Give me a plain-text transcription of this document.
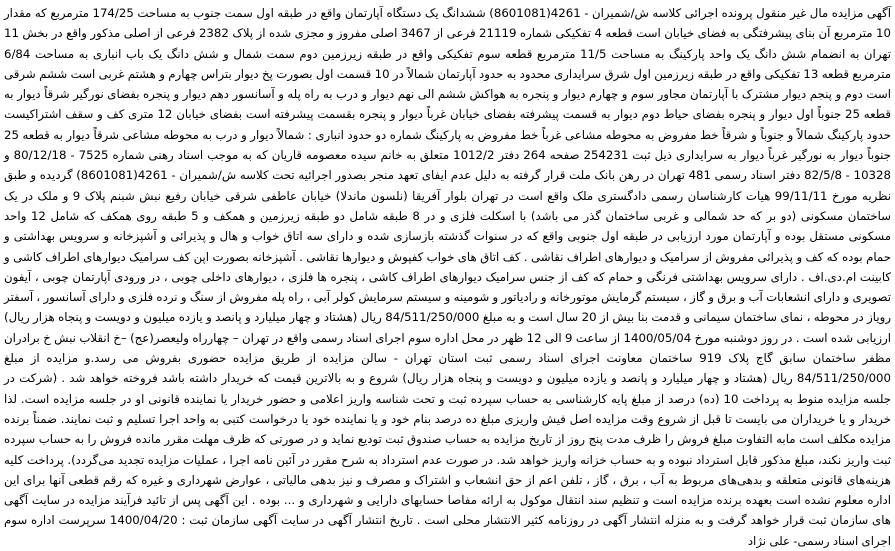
آگهی مزایده مال غیر منقول پرونده اجرائی کلاسه ش/شمیران - 4261(8601081) ششدانگ یک دستگاه آپارتمان واقع در طبقه اول سمت جنوب به مساحت 174/25 مترمربع که مقدار 10 مترمربع آن بنای پیشرفتگی به فضای خیابان است قطعه 4 تفکیکی شماره 21119 فرعی از 3467 اصلی مفروز و مجزی شده از پلاک 2382 فرعی از اصلی مذکور واقع در بخش 11 تهران به انضمام شش دانگ یک واحد پارکینگ به مساحت 11/5 مترمربع قطعه سوم تفکیکی واقع در طبقه زیرزمین دوم سمت شمال و شش دانگ یک باب انباری به مساحت 6/84 مترمربع قطعه 13 تفکیکی واقع در طبقه زیرزمین اول شرق سرایداری محدود به حدود آپارتمان شمالاً در 10 قسمت اول بصورت پخ دیوار بتراس چهارم و هشتم غربی است ششم شرقی است دوم و پنجم دیوار مشترک با آپارتمان مجاور سوم و چهارم دیوار و پنجره به هواکش ششم الی نهم دیوار و درب به راه پله و آسانسور دهم دیوار و پنجره بفضای نورگیر شرقاً دیوار به قطعه 25 جنوباً اول دیوار و پنجره بفضای حیاط دوم دیوار به قسمت پیشرفته بفضای خیابان غرباً دیوار و پنجره بقسمت پیشرفته است بفضای خیابان 12 متری کف و سقف اشتراکیست حدود پارکینگ شمالاً و جنوباً و شرقاً خط مفروض به محوطه مشاعی غرباً خط مفروض به پارکینگ شماره دو حدود انباری : شمالاً دیوار و درب به محوطه مشاعی شرقاً دیوار به قطعه 25 جنوباً دیوار به نورگیر غرباً دیوار به سرایداری ذیل ثبت 254231 صفحه 264 دفتر 1012/2 متعلق به خانم سیده معصومه قاریان که به موجب اسناد رهنی شماره 7525 - 80/12/18 و 10328 - 82/5/8 دفتر اسناد رسمی 481 تهران در رهن بانک ملت قرار گرفته به دلیل عدم ایفای تعهد منجر بصدور اجرائیه تحت کلاسه ش/شمیران - 4261(8601081) گردیده و طبق نظریه مورخ 99/11/11 هیات کارشناسان رسمی دادگستری ملک واقع است در تهران بلوار آفریقا (نلسون ماندلا) خیابان عاطفی شرقی خیابان رفیع نبش شبنم پلاک 9 و ملک در یک ساختمان مسکونی (دو بر که حد شمالی و غربی ساختمان گذر می باشد) با اسکلت فلزی و در 8 طبقه شامل دو طبقه زیرزمین و همکف و 5 طبقه روی همکف که شامل 12 واحد مسکونی مستقل بوده و آپارتمان مورد ارزیابی در طبقه اول جنوبی واقع که در سنوات گذشته بازسازی شده و دارای سه اتاق خواب و هال و پذیرائی و آشپزخانه و سرویس بهداشتی و حمام بوده که کف و پذیرائی مفروش از سرامیک و دیوارهای اطراف نقاشی . کف اتاق های خواب کفپوش و دیوارها نقاشی . آشپزخانه بصورت اپن کف سرامیک دیوارهای اطراف کاشی و کابینت ام.دی.اف . دارای سرویس بهداشتی فرنگی و حمام که کف از جنس سرامیک دیوارهای اطراف کاشی ، پنجره ها فلزی ، دیوارهای داخلی چوبی ، در ورودی آپارتمان چوبی ، آیفون تصویری و دارای انشعابات آب و برق و گاز ، سیستم گرمایش موتورخانه و رادیاتور و شومینه و سیستم سرمایش کولر آبی ، راه پله مفروش از سنگ و نرده فلزی و دارای آسانسور ، آسفتر رویاز در محوطه ، نمای ساختمان سیمانی و قدمت بنا بیش از 20 سال است و به مبلغ 84/511/250/000 ریال (هشتاد و چهار میلیارد و پانصد و یازده میلیون و دویست و پنجاه هزار ریال) ارزیابی شده است . در روز دوشنبه مورخ 1400/05/04 از ساعت 9 الی 12 ظهر در محل اداره سوم اجرای اسناد رسمی واقع در تهران – چهارراه ولیعصر(عج) –خ انقلاب نبش خ برادران مظفر ساختمان سابق گاج پلاک 919 ساختمان معاونت اجرای اسناد رسمی ثبت استان تهران - سالن مزایده از طریق مزایده حضوری بفروش می رسد.و مزایده از مبلغ 84/511/250/000 ریال (هشتاد و چهار میلیارد و پانصد و یازده میلیون و دویست و پنجاه هزار ریال) شروع و به بالاترین قیمت که خریدار داشته باشد فروخته خواهد شد . (شرکت در جلسه مزایده منوط به پرداخت 10 (ده) درصد از مبلغ پایه کارشناسی به حساب سپرده ثبت و تحت شناسه واریز اعلامی و حضور خریدار یا نماینده قانونی او در جلسه مزایده است. لذا خریدار و یا خریداران می بایست تا قبل از شروع وقت مزایده اصل فیش واریزی مبلغ ده درصد بنام خود و یا نماینده خود یا درخواست کتبی به واحد اجرا تسلیم و ثبت نمایند. ضمناً برنده مزایده مکلف است مابه التفاوت مبلغ فروش را ظرف مدت پنج روز از تاریخ مزایده به حساب صندوق ثبت تودیع نماید و در صورتی که ظرف مهلت مقرر مانده فروش را به حساب سپرده ثبت واریز نکند، مبلغ مذکور قابل استرداد نبوده و به حساب خزانه واریز خواهد شد. در صورت عدم استرداد به شرح مقرر در آئین نامه اجرا ، عملیات مزایده تجدید می‌گردد). پرداخت کلیه هزینه‌های قانونی متعلقه و بدهی‌های مربوط به آب ، برق ، گاز ، تلفن اعم از حق انشعاب و اشتراک و مصرف و نیز بدهی مالیاتی ، عوارض شهرداری و غیره که رقم قطعی آنها برای این اداره معلوم نشده است بعهده برنده مزایده است و تنظیم سند انتقال موکول به ارائه مفاصا حسابهای دارایی و شهرداری و ... بوده . این آگهی پس از تائید فرآیند مزایده در سایت آگهی های سازمان ثبت قرار خواهد گرفت و به منزله انتشار آگهی در روزنامه کثیر الانتشار محلی است . تاریخ انتشار آگهی در سایت آگهی سازمان ثبت : 1400/04/20 سرپرست اداره سوم اجرای اسناد رسمی- علی نژاد
